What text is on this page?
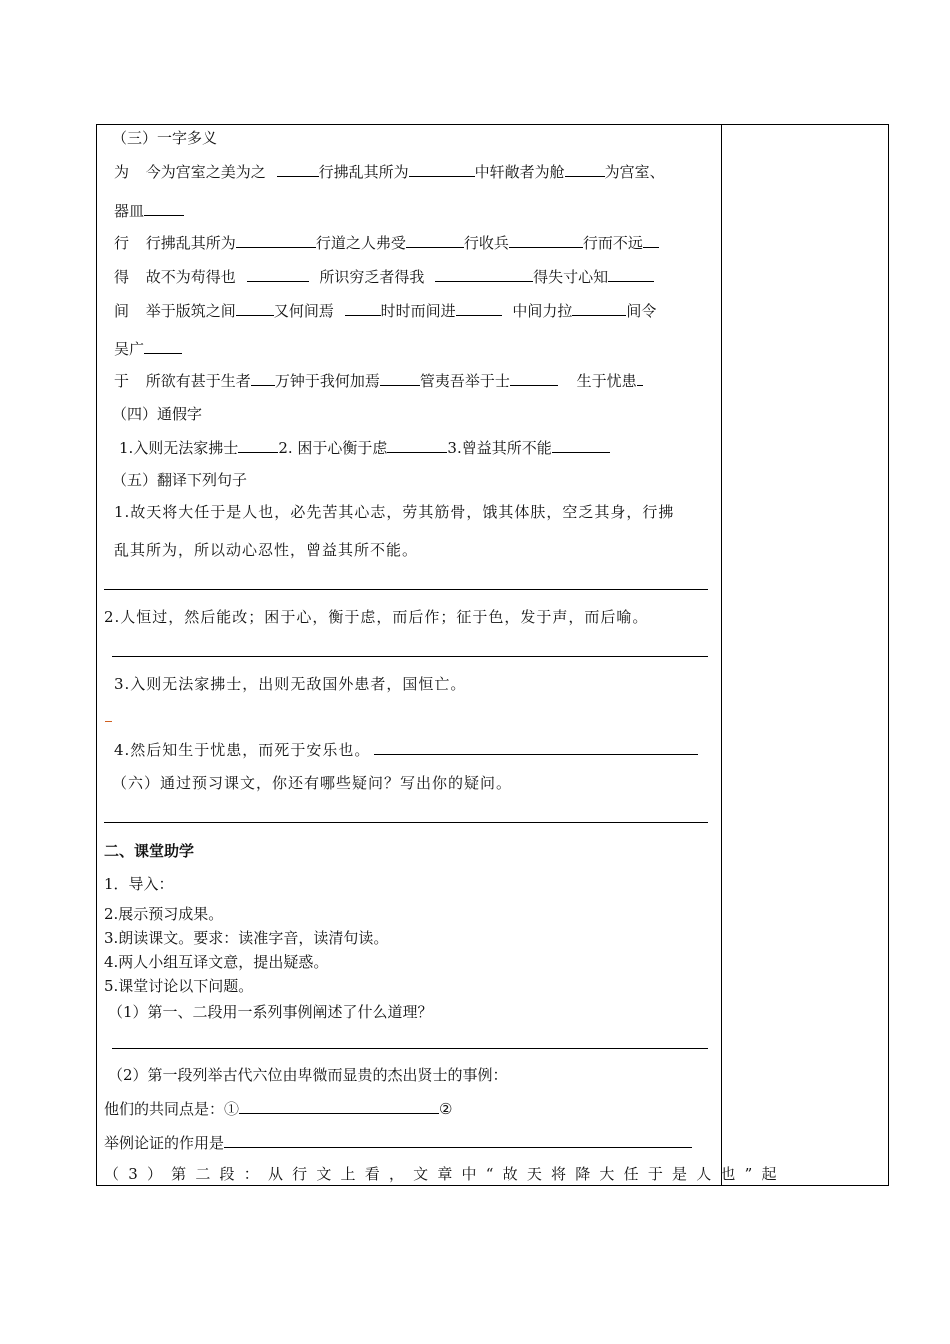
（三）一字多义
为 今为宫室之美为之	行拂乱其所为	中轩敞者为舱	为宫室、
器皿
行 行拂乱其所为	行道之人弗受	行收兵	行而不远
得 故不为苟得也	所识穷乏者得我	得失寸心知
间 举于版筑之间	又何间焉	时时而间进	中间力拉	间令
吴广
于 所欲有甚于生者 万钟于我何加焉	管夷吾举于士	生于忧患
（四）通假字
1.入则无法家拂士	2. 困于心衡于虑	3.曾益其所不能
（五）翻译下列句子
1.故天将大任于是人也，必先苦其心志，劳其筋骨，饿其体肤，空乏其身，行拂
乱其所为，所以动心忍性，曾益其所不能。
2.人恒过，然后能改；困于心，衡于虑，而后作；征于色，发于声，而后喻。
3.入则无法家拂士，出则无敌国外患者，国恒亡。
4.然后知生于忧患，而死于安乐也。
（六）通过预习课文，你还有哪些疑问？写出你的疑问。
二、课堂助学
1．导入：
2.展示预习成果。
3.朗读课文。要求：读准字音，读清句读。
4.两人小组互译文意，提出疑惑。
5.课堂讨论以下问题。
（1）第一、二段用一系列事例阐述了什么道理？
（2）第一段列举古代六位由卑微而显贵的杰出贤士的事例：
他们的共同点是：①	②
举例论证的作用是
（3）第二段：从行文上看，文章中“故天将降大任于是人也”起
